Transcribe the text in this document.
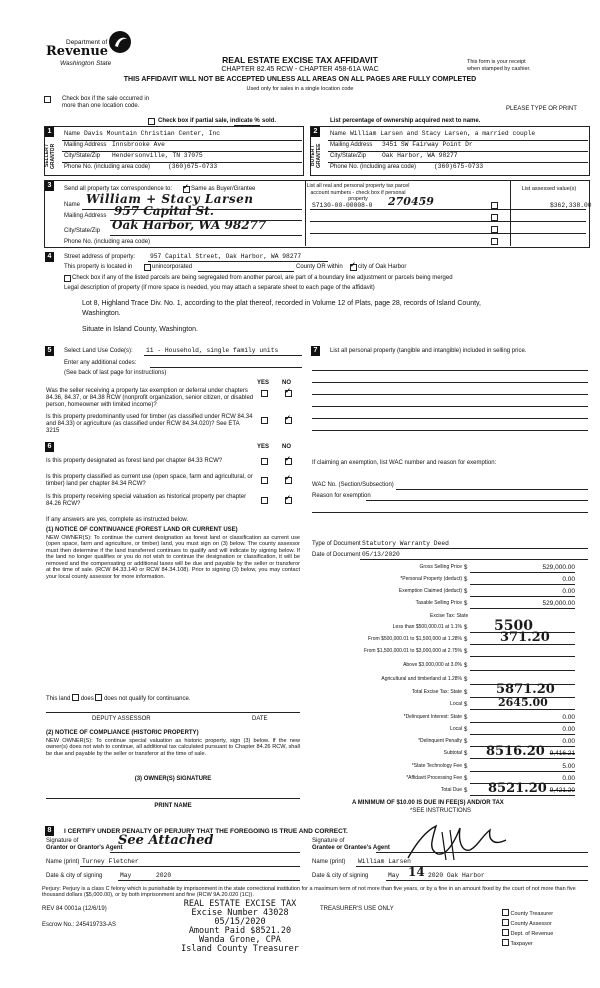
Department of
Revenue
Washington State	REAL ESTATE EXCISE TAX AFFIDAVIT
CHAPTER 82.45 RCW - CHAPTER 458-61A WAC
THIS AFFIDAVIT WILL NOT BE ACCEPTED UNLESS ALL AREAS ON ALL PAGES ARE FULLY COMPLETED
Used only for sales in a single location code
This form is your receipt
when stamped by cashier.
Check box if the sale occurred in
more than one location code.	PLEASE TYPE OR PRINT
Check box if partial sale, indicate % sold.	List percentage of ownership acquired next to name.
1
SELLER / GRANTOR
Name Davis Mountain Christian Center, Inc
Mailing Address Innsbrooke Ave
City/State/Zip Hendersonville, TN 37075
Phone No. (including area code)	(360)675-0733
2
BUYER / GRANTEE
Name William Larsen and Stacy Larsen, a married couple
Mailing Address 3451 SW Fairway Point Dr
City/State/Zip	Oak Harbor, WA 98277
Phone No. (including area code)	(360)675-0733
3	Send all property tax correspondence to: ✓	Same as Buyer/Grantee
Name William + Stacy Larsen
Mailing Address 957 Capital St.
City/State/Zip Oak Harbor, WA 98277
Phone No. (including area code)
List all real and personal property tax parcel
account numbers - check box if personal property
List assessed value(s)
S7130-00-00008-0 270459	$362,338.00
4	Street address of property: 957 Capital Street, Oak Harbor, WA 98277
This property is located in	unincorporated	County OR within ✓	city of Oak Harbor
Check box if any of the listed parcels are being segregated from another parcel, are part of a boundary line adjustment or parcels being merged
Legal description of property (if more space is needed, you may attach a separate sheet to each page of the affidavit)
Lot 8, Highland Trace Div. No. 1, according to the plat thereof, recorded in Volume 12 of Plats, page 28, records of Island County,
Washington.
Situate in Island County, Washington.
5	Select Land Use Code(s): 11 - Household, single family units
Enter any additional codes:
(See back of last page for instructions)
YES NO
Was the seller receiving a property tax exemption or deferral under chapters 84.36, 84.37, or 84.38 RCW (nonprofit organization, senior citizen, or disabled person, homeowner with limited income)?
✓
Is this property predominantly used for timber (as classified under RCW 84.34 and 84.33) or agriculture (as classified under RCW 84.34.020)? See ETA 3215
✓
6	YES NO
Is this property designated as forest land per chapter 84.33 RCW?
✓
Is this property classified as current use (open space, farm and agricultural, or timber) land per chapter 84.34 RCW?
✓
Is this property receiving special valuation as historical property per chapter 84.26 RCW?
✓
If any answers are yes, complete as instructed below.
(1) NOTICE OF CONTINUANCE (FOREST LAND OR CURRENT USE)
NEW OWNER(S): To continue the current designation as forest land or classification as current use (open space, farm and agriculture, or timber) land, you must sign on (3) below. The county assessor must then determine if the land transferred continues to qualify and will indicate by signing below. If the land no longer qualifies or you do not wish to continue the designation or classification, it will be removed and the compensating or additional taxes will be due and payable by the seller or transferor at the time of sale. (RCW 84.33.140 or RCW 84.34.108). Prior to signing (3) below, you may contact your local county assessor for more information.
This land does does not qualify for continuance.
DEPUTY ASSESSOR	DATE
(2) NOTICE OF COMPLIANCE (HISTORIC PROPERTY)
NEW OWNER(S): To continue special valuation as historic property, sign (3) below. If the new owner(s) does not wish to continue, all additional tax calculated pursuant to Chapter 84.26 RCW, shall be due and payable by the seller or transferor at the time of sale.
(3) OWNER(S) SIGNATURE
PRINT NAME
7	List all personal property (tangible and intangible) included in selling price.
If claiming an exemption, list WAC number and reason for exemption:
WAC No. (Section/Subsection)
Reason for exemption
Type of Document Statutory Warranty Deed
Date of Document 05/13/2020
Gross Selling Price $	529,000.00
*Personal Property (deduct) $	0.00
Exemption Claimed (deduct) $	0.00
Taxable Selling Price $	529,000.00
Excise Tax: State
Less than $500,000.01 at 1.1% $ 5500
From $500,000.01 to $1,500,000 at 1.28% $	371.20
From $1,500,000.01 to $3,000,000 at 2.75% $
Above $3,000,000 at 3.0% $
Agricultural and timberland at 1.28% $
Total Excise Tax: State $ 5871.20
Local $	2645.00
*Delinquent Interest: State $	0.00
Local $	0.00
*Delinquent Penalty $	0.00
Subtotal $ 8516.20 9,416.21
*State Technology Fee $	5.00
*Affidavit Processing Fee $	0.00
Total Due $ 8521.20 9,421.20
A MINIMUM OF $10.00 IS DUE IN FEE(S) AND/OR TAX
*SEE INSTRUCTIONS
8	I CERTIFY UNDER PENALTY OF PERJURY THAT THE FOREGOING IS TRUE AND CORRECT.
Signature of
Grantor or Grantor's Agent
See Attached
Name (print) Turney Fletcher
Date & city of signing	May	2020
Signature of
Grantee or Grantee's Agent
Name (print) William Larsen
Date & city of signing	May 14 2020 Oak Harbor
Perjury: Perjury is a class C felony which is punishable by imprisonment in the state correctional institution for a maximum term of not more than five years, or by a fine in an amount fixed by the court of not more than five thousand dollars ($5,000.00), or by both imprisonment and fine (RCW 9A.20.020 (1C)).
REV 84 0001a (12/6/19)	TREASURER'S USE ONLY
Escrow No.: 245419733-AS
REAL ESTATE EXCISE TAX
Excise Number 43028
05/15/2020
Amount Paid $8521.20
Wanda Grone, CPA
Island County Treasurer
County Treasurer
County Assessor
Dept. of Revenue
Taxpayer
